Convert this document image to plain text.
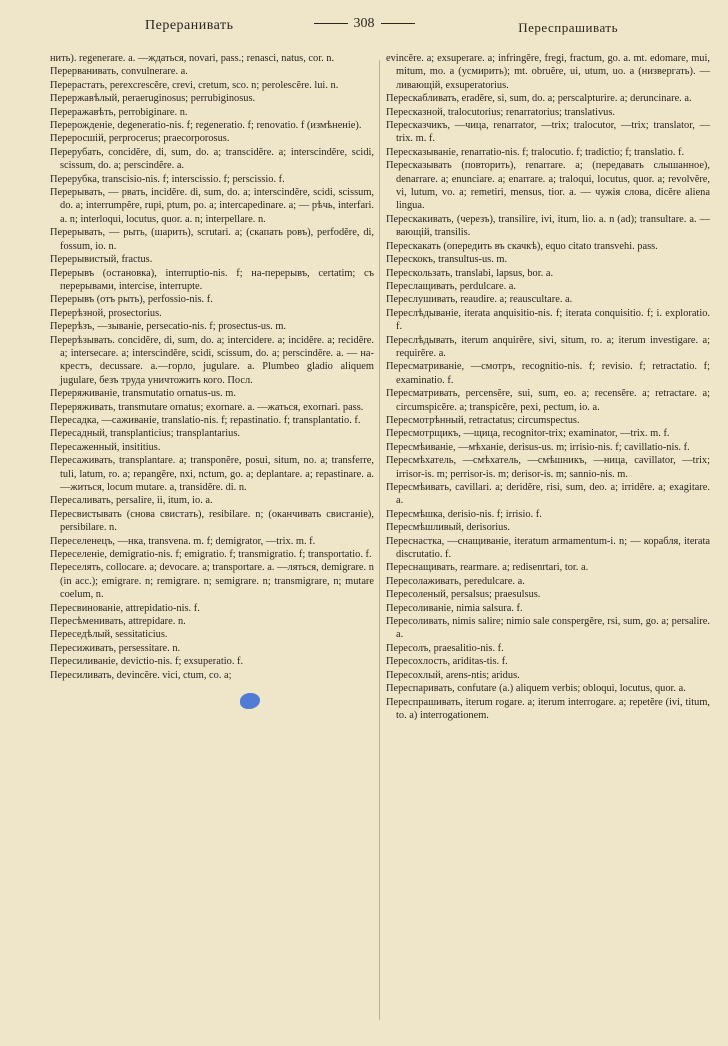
Переранивать	308	Переспрашивать

нить). regenerare. a. —ждаться, novari, pass.; renasci, natus, cor. n.

Перерванивать, convulnerare. a.

Перерастать, perexcrescĕre, crevi, cretum, sco. n; perolescĕre. lui. n.

Перержавѣлый, peraeruginosus; perrubiginosus.

Переражавѣть, perrobiginare. n.

Перерожденіе, degeneratio-nis. f; regeneratio. f; renovatio. f (измѣненіе).

Переросшій, perprocerus; praecorporosus.

Перерубать, concidĕre, di, sum, do. a; transcidĕre. a; interscindĕre, scidi, scissum, do. a; perscindĕre. a.

Перерубка, transcisio-nis. f; interscissio. f; perscissio. f.

Перерывать, — рвать, incidĕre. di, sum, do. a; interscindĕre, scidi, scissum, do. a; interrumpĕre, rupi, ptum, po. a; intercapedinare. a; — рѣчь, interfari. a. n; interloqui, locutus, quor. a. n; interpellare. n.

Перерывать, — рыть, (шарить), scrutari. a; (скапать ровъ), perfodĕre, di, fossum, io. n.

Перерывистый, fractus.

Перерывъ (остановка), interruptio-nis. f; на-перерывъ, certatim; съ перерывами, intercise, interrupte.

Перерывъ (отъ рыть), perfossio-nis. f.

Перерѣзной, prosectorius.

Перерѣзъ, —зываніе, persecatio-nis. f; prosectus-us. m.

Перерѣзывать. concidĕre, di, sum, do. a; intercidere. a; incidĕre. a; recidĕre. a; intersecare. a; interscindĕre, scidi, scissum, do. a; perscindĕre. a. — на-крестъ, decussare. a.—горло, jugulare. a. Plumbeo gladio aliquem jugulare, безъ труда уничтожить кого. Посл.

Переряживаніе, transmutatio ornatus-us. m.

Переряживать, transmutare ornatus; exornare. a. —жаться, exornari. pass.

Пересадка, —саживаніе, translatio-nis. f; repastinatio. f; transplantatio. f.

Пересадный, transplanticius; transplantarius.

Пересаженный, insititius.

Пересаживать, transplantare. a; transponĕre, posui, situm, no. a; transferre, tuli, latum, ro. a; repangĕre, nxi, nctum, go. a; deplantare. a; repastinare. a.—житься, locum mutare. a, transidĕre. di. n.

Пересаливать, persalire, ii, itum, io. a.

Пересвистывать (снова свистать), resibilare. n; (оканчивать свисганіе), persibilare. n.

Переселенецъ, —нка, transvena. m. f; demigrator, —trix. m. f.

Переселеніе, demigratio-nis. f; emigratio. f; transmigratio. f; transportatio. f.

Переселять, collocare. a; devocare. a; transportare. a. —ляться, demigrare. n (in acc.); emigrare. n; remigrare. n; semigrare. n; transmigrare, n; mutare coelum, n.

Пересвинованіе, attrepidatio-nis. f.

Пересѣменивать, attrepidare. n.

Переседѣлый, sessitaticius.

Пересиживать, persessitare. n.

Пересиливаніе, devictio-nis. f; exsuperatio. f.

Пересиливать, devincĕre. vici, ctum, co. a;

evincĕre. a; exsuperare. a; infringĕre, fregi, fractum, go. a. mt. edomare, mui, mitum, mo. a (усмирить); mt. obruĕre, ui, utum, uo. a (низвергать). —ливающій, exsuperatorius.

Перескабливать, eradĕre, si, sum, do. a; perscalpturire. a; deruncinare. a.

Пересказной, tralocutorius; renarratorius; translativus.

Пересказчикъ, —чица, renarrator, —trix; tralocutor, —trix; translator, —trix. m. f.

Пересказываніе, renarratio-nis. f; tralocutio. f; tradictio; f; translatio. f.

Пересказывать (повторить), renarrare. a; (передавать слышанное), denarrare. a; enunciare. a; enarrare. a; traloqui, locutus, quor. a; revolvĕre, vi, lutum, vo. a; remetiri, mensus, tior. a. — чужія слова, dicĕre aliena lingua.

Перескакивать, (черезъ), transilire, ivi, itum, lio. a. n (ad); transultare. a. —вающій, transilis.

Перескакать (опередить въ скачкѣ), equo citato transvehi. pass.

Перескокъ, transultus-us. m.

Перескользать, translabi, lapsus, bor. a.

Переслащивать, perdulcare. a.

Переслушивать, reaudire. a; reauscultare. a.

Переслѣдываніе, iterata anquisitio-nis. f; iterata conquisitio. f; i. exploratio. f.

Переслѣдывать, iterum anquirĕre, sivi, situm, ro. a; iterum investigare. a; requirĕre. a.

Пересматриваніе, —смотръ, recognitio-nis. f; revisio. f; retractatio. f; examinatio. f.

Пересматривать, percensĕre, sui, sum, eo. a; recensĕre. a; retractare. a; circumspicĕre. a; transpicĕre, pexi, pectum, io. a.

Пересмотрѣнный, retractatus; circumspectus.

Пересмотрщикъ, —щица, recognitor-trix; examinator, —trix. m. f.

Пересмѣиваніе, —мѣханіе, derisus-us. m; irrisio-nis. f; cavillatio-nis. f.

Пересмѣхатель, —смѣхатель, —смѣшникъ, —ница, cavillator, —trix; irrisor-is. m; perrisor-is. m; derisor-is. m; sannio-nis. m.

Пересмѣивать, cavillari. a; deridĕre, risi, sum, deo. a; irridĕre. a; exagitare. a.

Пересмѣшка, derisio-nis. f; irrisio. f.

Пересмѣшливый, derisorius.

Переснастка, —снащиваніе, iteratum armamentum-i. n; — корабля, iterata discrutatio. f.

Переснащивать, rearmare. a; redisenrtari, tor. a.

Пересолаживать, peredulcare. a.

Пересоленый, persalsus; praesulsus.

Пересоливаніе, nimia salsura. f.

Пересоливать, nimis salire; nimio sale conspergĕre, rsi, sum, go. a; persalire. a.

Пересолъ, praesalitio-nis. f.

Пересохлость, ariditas-tis. f.

Пересохлый, arens-ntis; aridus.

Переспаривать, confutare (a.) aliquem verbis; obloqui, locutus, quor. a.

Переспрашивать, iterum rogare. a; iterum interrogare. a; repetĕre (ivi, titum, to. a) interrogationem.
